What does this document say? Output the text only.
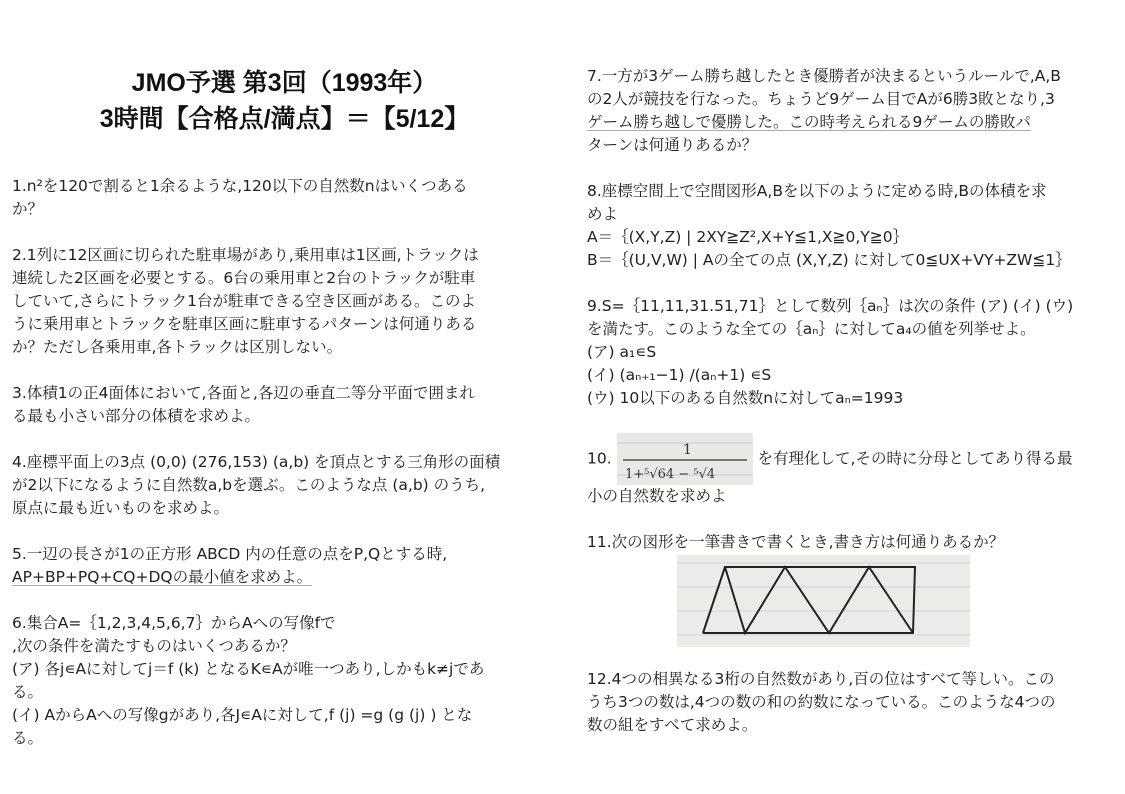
JMO予選 第3回（1993年）
3時間【合格点/満点】＝【5/12】

1.n²を120で割ると1余るような,120以下の自然数nはいくつある

か？

2.1列に12区画に切られた駐車場があり,乗用車は1区画,トラックは

連続した2区画を必要とする。6台の乗用車と2台のトラックが駐車

していて,さらにトラック1台が駐車できる空き区画がある。このよ

うに乗用車とトラックを駐車区画に駐車するパターンは何通りある

か？ただし各乗用車,各トラックは区別しない。

3.体積1の正4面体において,各面と,各辺の垂直二等分平面で囲まれ

る最も小さい部分の体積を求めよ。

4.座標平面上の3点 (0,0) (276,153) (a,b) を頂点とする三角形の面積

が2以下になるように自然数a,bを選ぶ。このような点 (a,b) のうち,

原点に最も近いものを求めよ。

5.一辺の長さが1の正方形 ABCD 内の任意の点をP,Qとする時,

AP+BP+PQ+CQ+DQの最小値を求めよ。

6.集合A=｛1,2,3,4,5,6,7｝からAへの写像fで

,次の条件を満たすものはいくつあるか？

(ア) 各j∊Aに対してj＝f (k) となるK∊Aが唯一つあり,しかもk≠jであ

る。

(イ) AからAへの写像gがあり,各J∊Aに対して,f (j) =g (g (j) ) とな

る。

7.一方が3ゲーム勝ち越したとき優勝者が決まるというルールで,A,B

の2人が競技を行なった。ちょうど9ゲーム目でAが6勝3敗となり,3

ゲーム勝ち越しで優勝した。この時考えられる9ゲームの勝敗パ

ターンは何通りあるか？

8.座標空間上で空間図形A,Bを以下のように定める時,Bの体積を求

めよ

A＝｛(X,Y,Z) | 2XY≧Z²,X+Y≦1,X≧0,Y≧0｝

B＝｛(U,V,W) | Aの全ての点 (X,Y,Z) に対して0≦UX+VY+ZW≦1｝

9.S=｛11,11,31.51,71｝として数列｛aₙ｝は次の条件 (ア) (イ) (ウ)

を満たす。このような全ての｛aₙ｝に対してa₄の値を列挙せよ。

(ア) a₁∊S

(イ) (aₙ₊₁−1) /(aₙ+1) ∊S

(ウ) 10以下のある自然数nに対してaₙ=1993

10.	1
1+⁵√64 − ⁵√4
を有理化して,その時に分母としてあり得る最

小の自然数を求めよ

11.次の図形を一筆書きで書くとき,書き方は何通りあるか？

12.4つの相異なる3桁の自然数があり,百の位はすべて等しい。この

うち3つの数は,4つの数の和の約数になっている。このような4つの

数の組をすべて求めよ。
